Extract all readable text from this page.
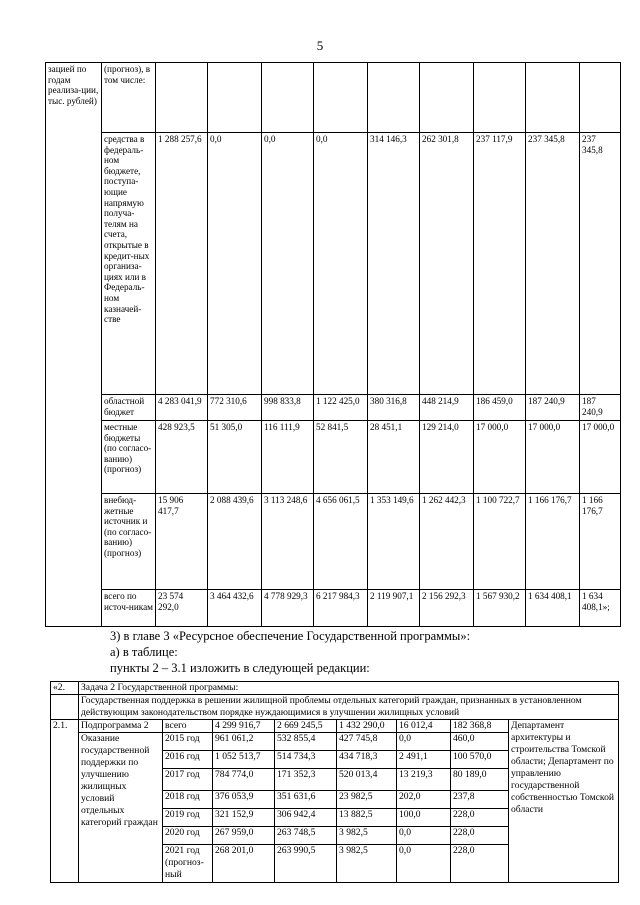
5
зацией по годам реализа-ции, тыс. рублей)	(прогноз), в том числе:									
	средства в федераль-ном бюджете, поступа-ющие напрямую получа-телям на счета, открытые в кредит-ных организа-циях или в Федераль-ном казначей-стве	1 288 257,6	0,0	0,0	0,0	314 146,3	262 301,8	237 117,9	237 345,8	237 345,8
	областной бюджет	4 283 041,9	772 310,6	998 833,8	1 122 425,0	380 316,8	448 214,9	186 459,0	187 240,9	187 240,9
	местные бюджеты (по согласо-ванию) (прогноз)	428 923,5	51 305,0	116 111,9	52 841,5	28 451,1	129 214,0	17 000,0	17 000,0	17 000,0
	внебюд-жетные источник и (по согласо-ванию) (прогноз)	15 906 417,7	2 088 439,6	3 113 248,6	4 656 061,5	1 353 149,6	1 262 442,3	1 100 722,7	1 166 176,7	1 166 176,7
	всего по источ-никам	23 574 292,0	3 464 432,6	4 778 929,3	6 217 984,3	2 119 907,1	2 156 292,3	1 567 930,2	1 634 408,1	1 634 408,1»;
3) в главе 3 «Ресурсное обеспечение Государственной программы»:
а) в таблице:
пункты 2 – 3.1 изложить в следующей редакции:
«2.	Задача 2 Государственной программы:							
	Государственная поддержка в решении жилищной проблемы отдельных категорий граждан, признанных в установленном действующим законодательством порядке нуждающимися в улучшении жилищных условий							
2.1.	Подпрограмма 2	всего	4 299 916,7	2 669 245,5	1 432 290,0	16 012,4	182 368,8	Департамент архитектуры и строительства Томской области; Департамент по управлению государственной собственностью Томской области
	Оказание государственной поддержки по улучшению жилищных условий отдельных категорий граждан	2015 год	961 061,2	532 855,4	427 745,8	0,0	460,0	
		2016 год	1 052 513,7	514 734,3	434 718,3	2 491,1	100 570,0	
		2017 год	784 774,0	171 352,3	520 013,4	13 219,3	80 189,0	
		2018 год	376 053,9	351 631,6	23 982,5	202,0	237,8	
		2019 год	321 152,9	306 942,4	13 882,5	100,0	228,0	
		2020 год	267 959,0	263 748,5	3 982,5	0,0	228,0	
		2021 год (прогноз-ный	268 201,0	263 990,5	3 982,5	0,0	228,0	
